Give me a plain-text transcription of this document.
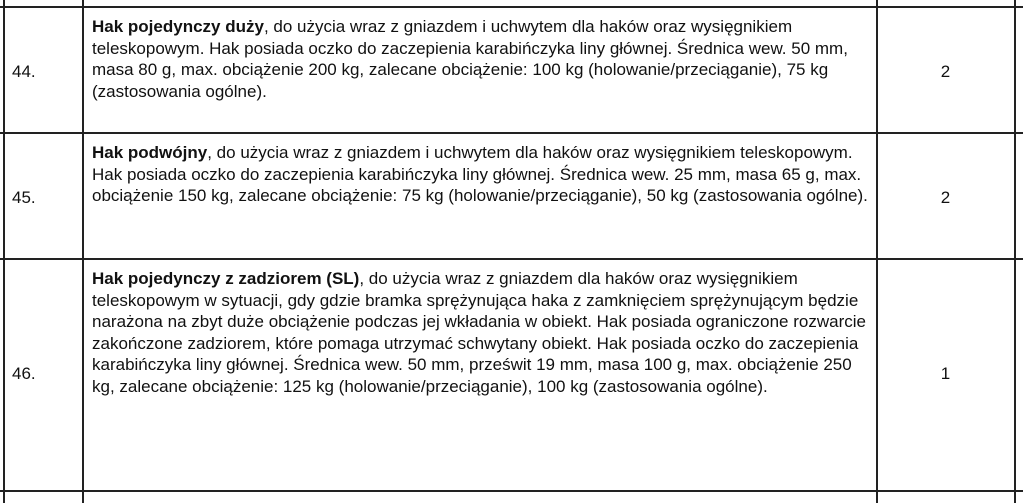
44.
Hak pojedynczy duży, do użycia wraz z gniazdem i uchwytem dla haków oraz wysięgnikiem teleskopowym. Hak posiada oczko do zaczepienia karabińczyka liny głównej. Średnica wew. 50 mm, masa 80 g, max. obciążenie 200 kg, zalecane obciążenie: 100 kg (holowanie/przeciąganie), 75 kg (zastosowania ogólne).
2
45.
Hak podwójny, do użycia wraz z gniazdem i uchwytem dla haków oraz wysięgnikiem teleskopowym. Hak posiada oczko do zaczepienia karabińczyka liny głównej. Średnica wew. 25 mm, masa 65 g, max. obciążenie 150 kg, zalecane obciążenie: 75 kg (holowanie/przeciąganie), 50 kg (zastosowania ogólne).	2
46.
Hak pojedynczy z zadziorem (SL), do użycia wraz z gniazdem dla haków oraz wysięgnikiem teleskopowym w sytuacji, gdy gdzie bramka sprężynująca haka z zamknięciem sprężynującym będzie narażona na zbyt duże obciążenie podczas jej wkładania w obiekt. Hak posiada ograniczone rozwarcie zakończone zadziorem, które pomaga utrzymać schwytany obiekt. Hak posiada oczko do zaczepienia karabińczyka liny głównej. Średnica wew. 50 mm, prześwit 19 mm, masa 100 g, max. obciążenie 250 kg, zalecane obciążenie: 125 kg (holowanie/przeciąganie), 100 kg (zastosowania ogólne).
1
